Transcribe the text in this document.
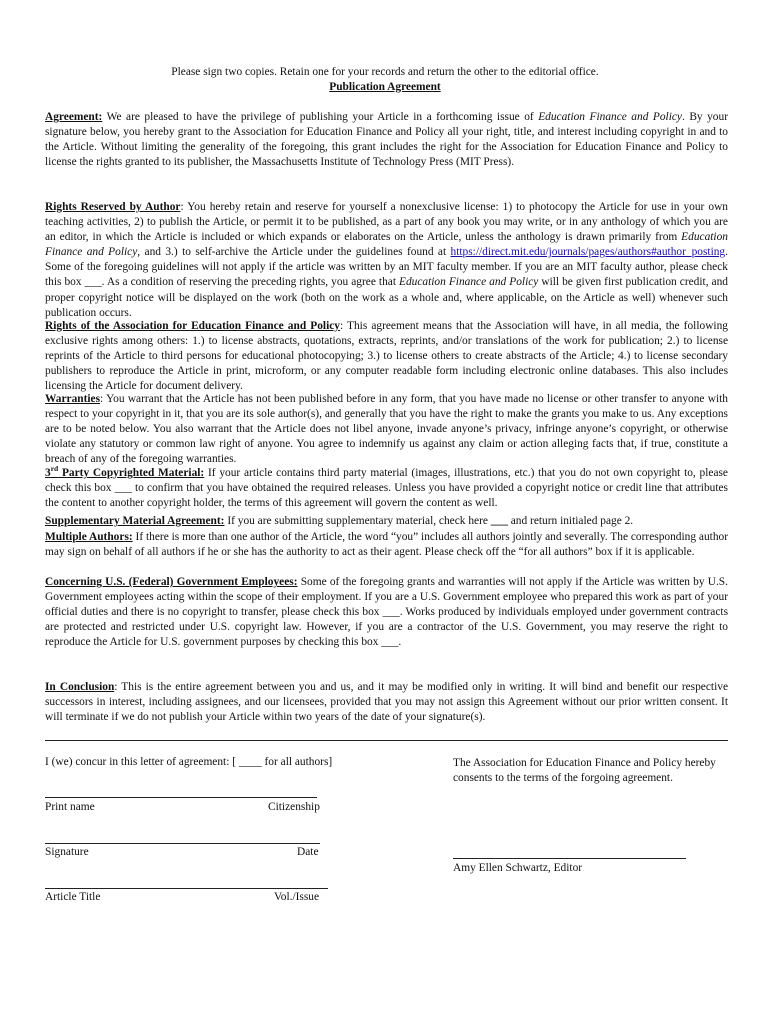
Please sign two copies. Retain one for your records and return the other to the editorial office.
Publication Agreement
Agreement: We are pleased to have the privilege of publishing your Article in a forthcoming issue of Education Finance and Policy. By your signature below, you hereby grant to the Association for Education Finance and Policy all your right, title, and interest including copyright in and to the Article. Without limiting the generality of the foregoing, this grant includes the right for the Association for Education Finance and Policy to license the rights granted to its publisher, the Massachusetts Institute of Technology Press (MIT Press).
Rights Reserved by Author: You hereby retain and reserve for yourself a nonexclusive license: 1) to photocopy the Article for use in your own teaching activities, 2) to publish the Article, or permit it to be published, as a part of any book you may write, or in any anthology of which you are an editor, in which the Article is included or which expands or elaborates on the Article, unless the anthology is drawn primarily from Education Finance and Policy, and 3.) to self-archive the Article under the guidelines found at https://direct.mit.edu/journals/pages/authors#author_posting. Some of the foregoing guidelines will not apply if the article was written by an MIT faculty member. If you are an MIT faculty author, please check this box ___. As a condition of reserving the preceding rights, you agree that Education Finance and Policy will be given first publication credit, and proper copyright notice will be displayed on the work (both on the work as a whole and, where applicable, on the Article as well) whenever such publication occurs.
Rights of the Association for Education Finance and Policy: This agreement means that the Association will have, in all media, the following exclusive rights among others: 1.) to license abstracts, quotations, extracts, reprints, and/or translations of the work for publication; 2.) to license reprints of the Article to third persons for educational photocopying; 3.) to license others to create abstracts of the Article; 4.) to license secondary publishers to reproduce the Article in print, microform, or any computer readable form including electronic online databases. This also includes licensing the Article for document delivery.
Warranties: You warrant that the Article has not been published before in any form, that you have made no license or other transfer to anyone with respect to your copyright in it, that you are its sole author(s), and generally that you have the right to make the grants you make to us. Any exceptions are to be noted below. You also warrant that the Article does not libel anyone, invade anyone’s privacy, infringe anyone’s copyright, or otherwise violate any statutory or common law right of anyone. You agree to indemnify us against any claim or action alleging facts that, if true, constitute a breach of any of the foregoing warranties.
3rd Party Copyrighted Material: If your article contains third party material (images, illustrations, etc.) that you do not own copyright to, please check this box ___ to confirm that you have obtained the required releases. Unless you have provided a copyright notice or credit line that attributes the content to another copyright holder, the terms of this agreement will govern the content as well.
Supplementary Material Agreement: If you are submitting supplementary material, check here ___ and return initialed page 2.
Multiple Authors: If there is more than one author of the Article, the word “you” includes all authors jointly and severally. The corresponding author may sign on behalf of all authors if he or she has the authority to act as their agent. Please check off the “for all authors” box if it is applicable.
Concerning U.S. (Federal) Government Employees: Some of the foregoing grants and warranties will not apply if the Article was written by U.S. Government employees acting within the scope of their employment. If you are a U.S. Government employee who prepared this work as part of your official duties and there is no copyright to transfer, please check this box ___. Works produced by individuals employed under government contracts are protected and restricted under U.S. copyright law. However, if you are a contractor of the U.S. Government, you may reserve the right to reproduce the Article for U.S. government purposes by checking this box ___.
In Conclusion: This is the entire agreement between you and us, and it may be modified only in writing. It will bind and benefit our respective successors in interest, including assignees, and our licensees, provided that you may not assign this Agreement without our prior written consent. It will terminate if we do not publish your Article within two years of the date of your signature(s).
I (we) concur in this letter of agreement: [ ____ for all authors]
Print name	Citizenship
Signature	Date
Article Title	Vol./Issue
The Association for Education Finance and Policy hereby consents to the terms of the forgoing agreement.
Amy Ellen Schwartz, Editor
